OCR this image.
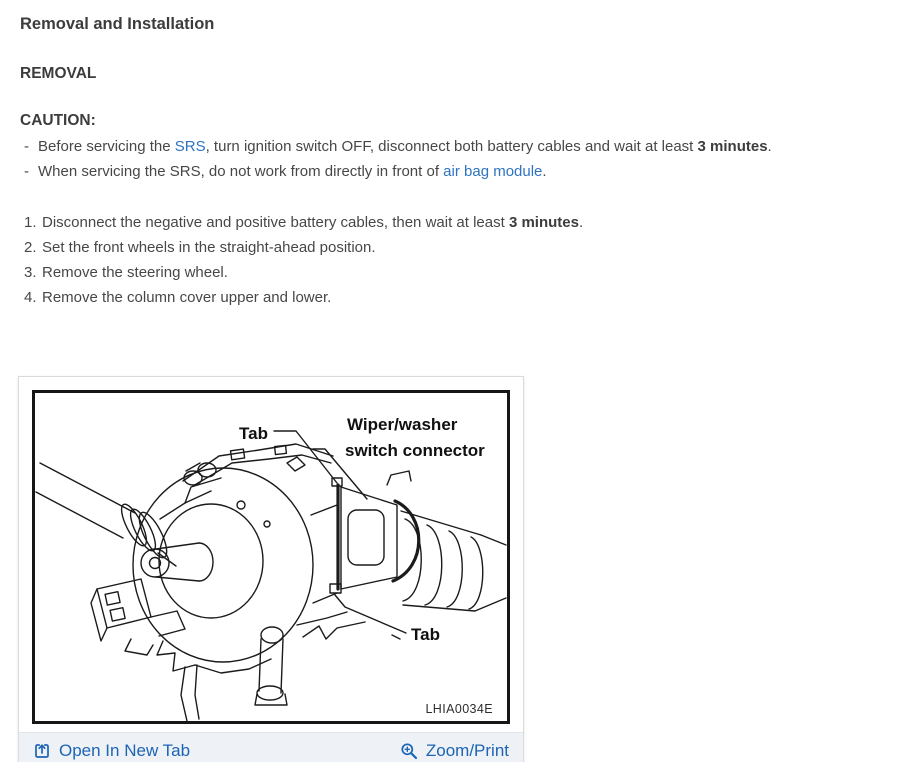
Removal and Installation
REMOVAL
CAUTION:
- Before servicing the SRS, turn ignition switch OFF, disconnect both battery cables and wait at least 3 minutes.
- When servicing the SRS, do not work from directly in front of air bag module.
1. Disconnect the negative and positive battery cables, then wait at least 3 minutes.
2. Set the front wheels in the straight-ahead position.
3. Remove the steering wheel.
4. Remove the column cover upper and lower.
Tab	Wiper/washer
switch connector
Tab
LHIA0034E
Open In New Tab	Zoom/Print
